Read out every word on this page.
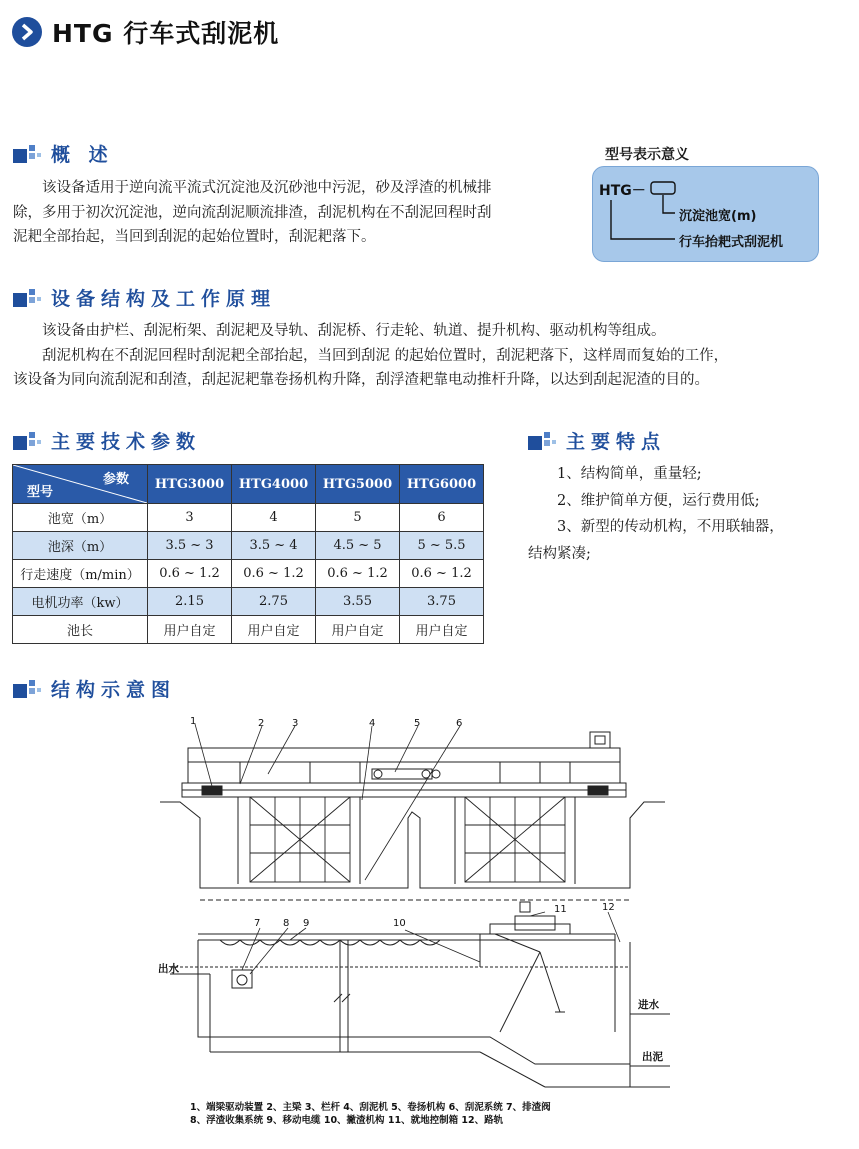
HTG 行车式刮泥机
概 述

该设备适用于逆向流平流式沉淀池及沉砂池中污泥，砂及浮渣的机械排

除，多用于初次沉淀池，逆向流刮泥顺流排渣，刮泥机构在不刮泥回程时刮

泥耙全部抬起，当回到刮泥的起始位置时，刮泥耙落下。

型号表示意义
HTG－
沉淀池宽(m)
行车抬耙式刮泥机
设备结构及工作原理

该设备由护栏、刮泥桁架、刮泥耙及导轨、刮泥桥、行走轮、轨道、提升机构、驱动机构等组成。

刮泥机构在不刮泥回程时刮泥耙全部抬起，当回到刮泥 的起始位置时，刮泥耙落下，这样周而复始的工作，

该设备为同向流刮泥和刮渣，刮起泥耙靠卷扬机构升降，刮浮渣耙靠电动推杆升降，以达到刮起泥渣的目的。

主要技术参数
参数
型号	HTG3000	HTG4000	HTG5000	HTG6000
池宽（m）	3	4	5	6
池深（m）	3.5 ~ 3	3.5 ~ 4	4.5 ~ 5	5 ~ 5.5
行走速度（m/min）	0.6 ~ 1.2	0.6 ~ 1.2	0.6 ~ 1.2	0.6 ~ 1.2
电机功率（kw）	2.15	2.75	3.55	3.75
池长	用户自定	用户自定	用户自定	用户自定
主要特点

1、结构简单，重量轻;

2、维护简单方便，运行费用低;

3、新型的传动机构，不用联轴器，

结构紧凑;

结构示意图
1	2	3	4	5	6
7 8 9	10
11	12
出水
进水
出泥
1、端梁驱动装置 2、主梁 3、栏杆 4、刮泥机 5、卷扬机构 6、刮泥系统 7、排渣阀
8、浮渣收集系统 9、移动电缆 10、撇渣机构 11、就地控制箱 12、路轨
